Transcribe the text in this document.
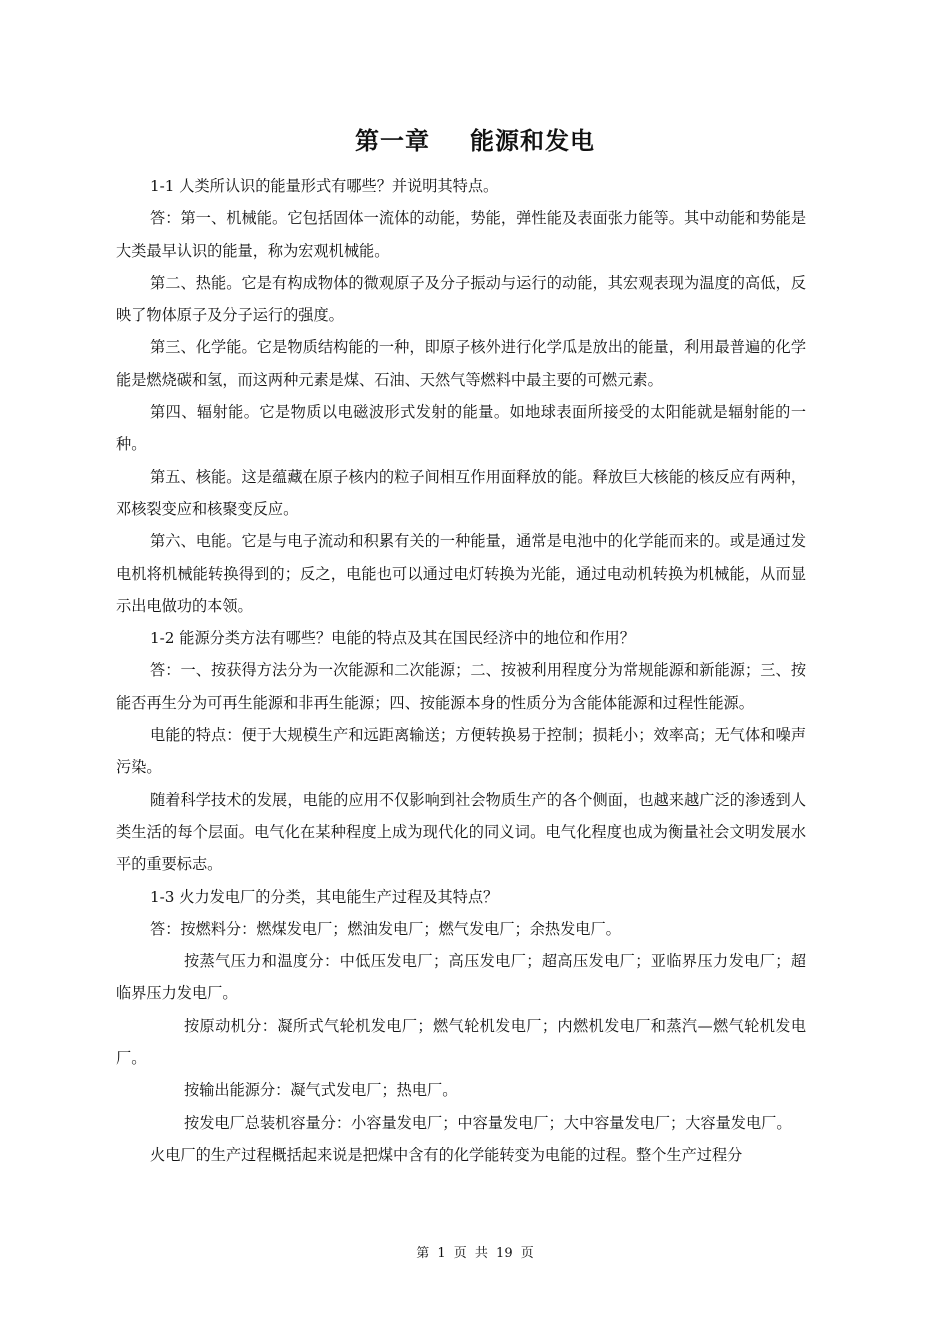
第一章 能源和发电

1-1 人类所认识的能量形式有哪些？并说明其特点。

答：第一、机械能。它包括固体一流体的动能，势能，弹性能及表面张力能等。其中动能和势能是大类最早认识的能量，称为宏观机械能。

第二、热能。它是有构成物体的微观原子及分子振动与运行的动能，其宏观表现为温度的高低，反映了物体原子及分子运行的强度。

第三、化学能。它是物质结构能的一种，即原子核外进行化学瓜是放出的能量，利用最普遍的化学能是燃烧碳和氢，而这两种元素是煤、石油、天然气等燃料中最主要的可燃元素。

第四、辐射能。它是物质以电磁波形式发射的能量。如地球表面所接受的太阳能就是辐射能的一种。

第五、核能。这是蕴藏在原子核内的粒子间相互作用面释放的能。释放巨大核能的核反应有两种，邓核裂变应和核聚变反应。

第六、电能。它是与电子流动和积累有关的一种能量，通常是电池中的化学能而来的。或是通过发电机将机械能转换得到的；反之，电能也可以通过电灯转换为光能，通过电动机转换为机械能，从而显示出电做功的本领。

1-2 能源分类方法有哪些？电能的特点及其在国民经济中的地位和作用？

答：一、按获得方法分为一次能源和二次能源；二、按被利用程度分为常规能源和新能源；三、按能否再生分为可再生能源和非再生能源；四、按能源本身的性质分为含能体能源和过程性能源。

电能的特点：便于大规模生产和远距离输送；方便转换易于控制；损耗小；效率高；无气体和噪声污染。

随着科学技术的发展，电能的应用不仅影响到社会物质生产的各个侧面，也越来越广泛的渗透到人类生活的每个层面。电气化在某种程度上成为现代化的同义词。电气化程度也成为衡量社会文明发展水平的重要标志。

1-3 火力发电厂的分类，其电能生产过程及其特点？

答：按燃料分：燃煤发电厂；燃油发电厂；燃气发电厂；余热发电厂。

按蒸气压力和温度分：中低压发电厂；高压发电厂；超高压发电厂；亚临界压力发电厂；超临界压力发电厂。

按原动机分：凝所式气轮机发电厂；燃气轮机发电厂；内燃机发电厂和蒸汽—燃气轮机发电厂。

按输出能源分：凝气式发电厂；热电厂。

按发电厂总装机容量分：小容量发电厂；中容量发电厂；大中容量发电厂；大容量发电厂。

火电厂的生产过程概括起来说是把煤中含有的化学能转变为电能的过程。整个生产过程分

第 1 页 共 19 页
